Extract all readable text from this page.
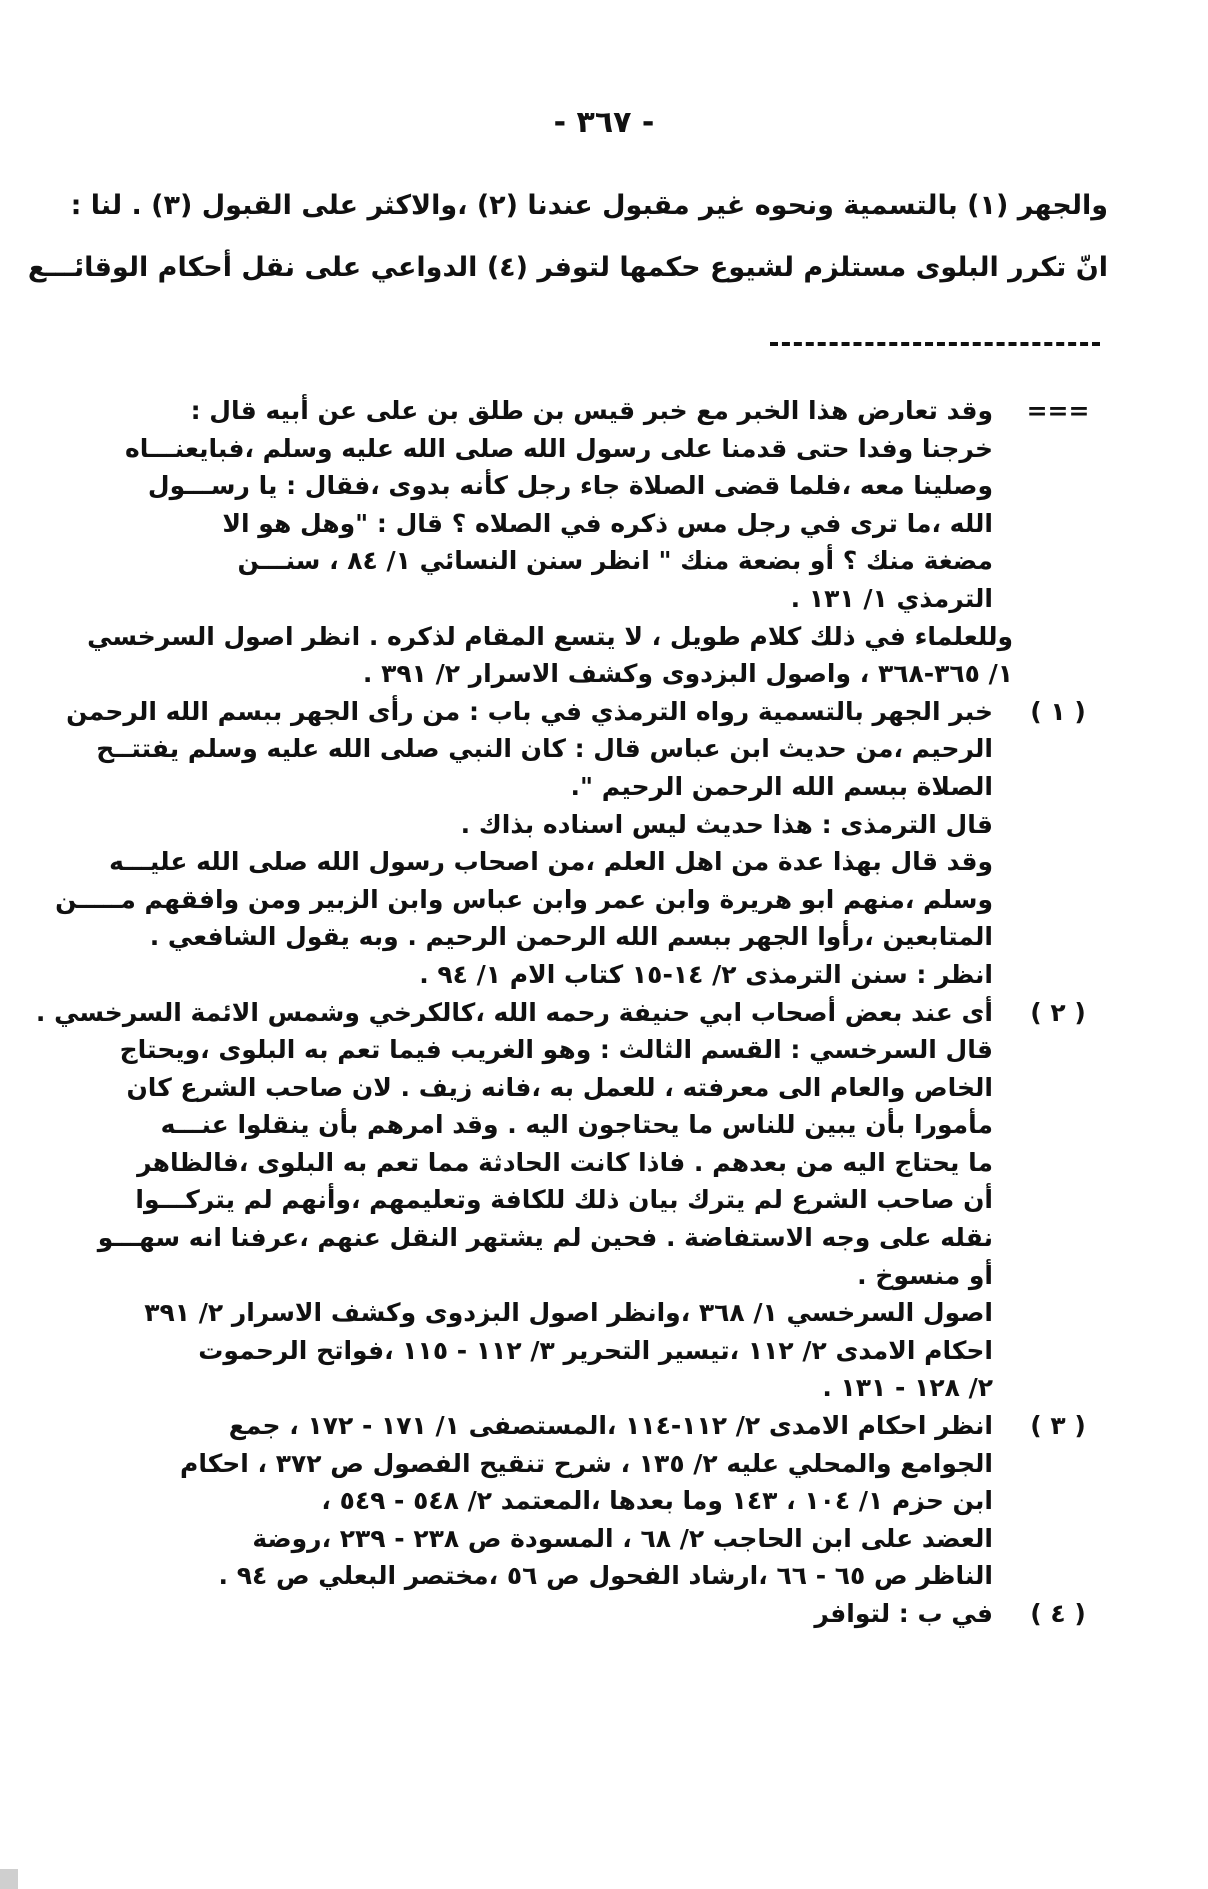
- ٣٦٧ -
والجهر (١) بالتسمية ونحوه غير مقبول عندنا (٢) ،والاكثر على القبول (٣) . لنا :
انّ تكرر البلوى مستلزم لشيوع حكمها لتوفر (٤) الدواعي على نقل أحكام الوقائـــع
===
وقد تعارض هذا الخبر مع خبر قيس بن طلق بن على عن أبيه قال :
خرجنا وفدا حتى قدمنا على رسول الله صلى الله عليه وسلم ،فبايعنـــاه
وصلينا معه ،فلما قضى الصلاة جاء رجل كأنه بدوى ،فقال : يا رســـول
الله ،ما ترى في رجل مس ذكره في الصلاه ؟ قال : "وهل هو الا
مضغة منك ؟ أو بضعة منك " انظر سنن النسائي ١/ ٨٤ ، سنـــن
الترمذي ١/ ١٣١ .
وللعلماء في ذلك كلام طويل ، لا يتسع المقام لذكره . انظر اصول السرخسي
١/ ٣٦٥-٣٦٨ ، واصول البزدوى وكشف الاسرار ٢/ ٣٩١ .
( ١ )
خبر الجهر بالتسمية رواه الترمذي في باب : من رأى الجهر ببسم الله الرحمن
الرحيم ،من حديث ابن عباس قال : كان النبي صلى الله عليه وسلم يفتتــح
الصلاة ببسم الله الرحمن الرحيم ".
قال الترمذى : هذا حديث ليس اسناده بذاك .
وقد قال بهذا عدة من اهل العلم ،من اصحاب رسول الله صلى الله عليـــه
وسلم ،منهم ابو هريرة وابن عمر وابن عباس وابن الزبير ومن وافقهم مـــــن
المتابعين ،رأوا الجهر ببسم الله الرحمن الرحيم . وبه يقول الشافعي .
انظر : سنن الترمذى ٢/ ١٤-١٥ كتاب الام ١/ ٩٤ .
( ٢ )
أى عند بعض أصحاب ابي حنيفة رحمه الله ،كالكرخي وشمس الائمة السرخسي .
قال السرخسي : القسم الثالث : وهو الغريب فيما تعم به البلوى ،ويحتاج
الخاص والعام الى معرفته ، للعمل به ،فانه زيف . لان صاحب الشرع كان
مأمورا بأن يبين للناس ما يحتاجون اليه . وقد امرهم بأن ينقلوا عنـــه
ما يحتاج اليه من بعدهم . فاذا كانت الحادثة مما تعم به البلوى ،فالظاهر
أن صاحب الشرع لم يترك بيان ذلك للكافة وتعليمهم ،وأنهم لم يتركـــوا
نقله على وجه الاستفاضة . فحين لم يشتهر النقل عنهم ،عرفنا انه سهـــو
أو منسوخ .
اصول السرخسي ١/ ٣٦٨ ،وانظر اصول البزدوى وكشف الاسرار ٢/ ٣٩١
احكام الامدى ٢/ ١١٢ ،تيسير التحرير ٣/ ١١٢ - ١١٥ ،فواتح الرحموت
٢/ ١٢٨ - ١٣١ .
( ٣ )
انظر احكام الامدى ٢/ ١١٢-١١٤ ،المستصفى ١/ ١٧١ - ١٧٢ ، جمع
الجوامع والمحلي عليه ٢/ ١٣٥ ، شرح تنقيح الفصول ص ٣٧٢ ، احكام
ابن حزم ١/ ١٠٤ ، ١٤٣ وما بعدها ،المعتمد ٢/ ٥٤٨ - ٥٤٩ ،
العضد على ابن الحاجب ٢/ ٦٨ ، المسودة ص ٢٣٨ - ٢٣٩ ،روضة
الناظر ص ٦٥ - ٦٦ ،ارشاد الفحول ص ٥٦ ،مختصر البعلي ص ٩٤ .
( ٤ )
في ب : لتوافر
